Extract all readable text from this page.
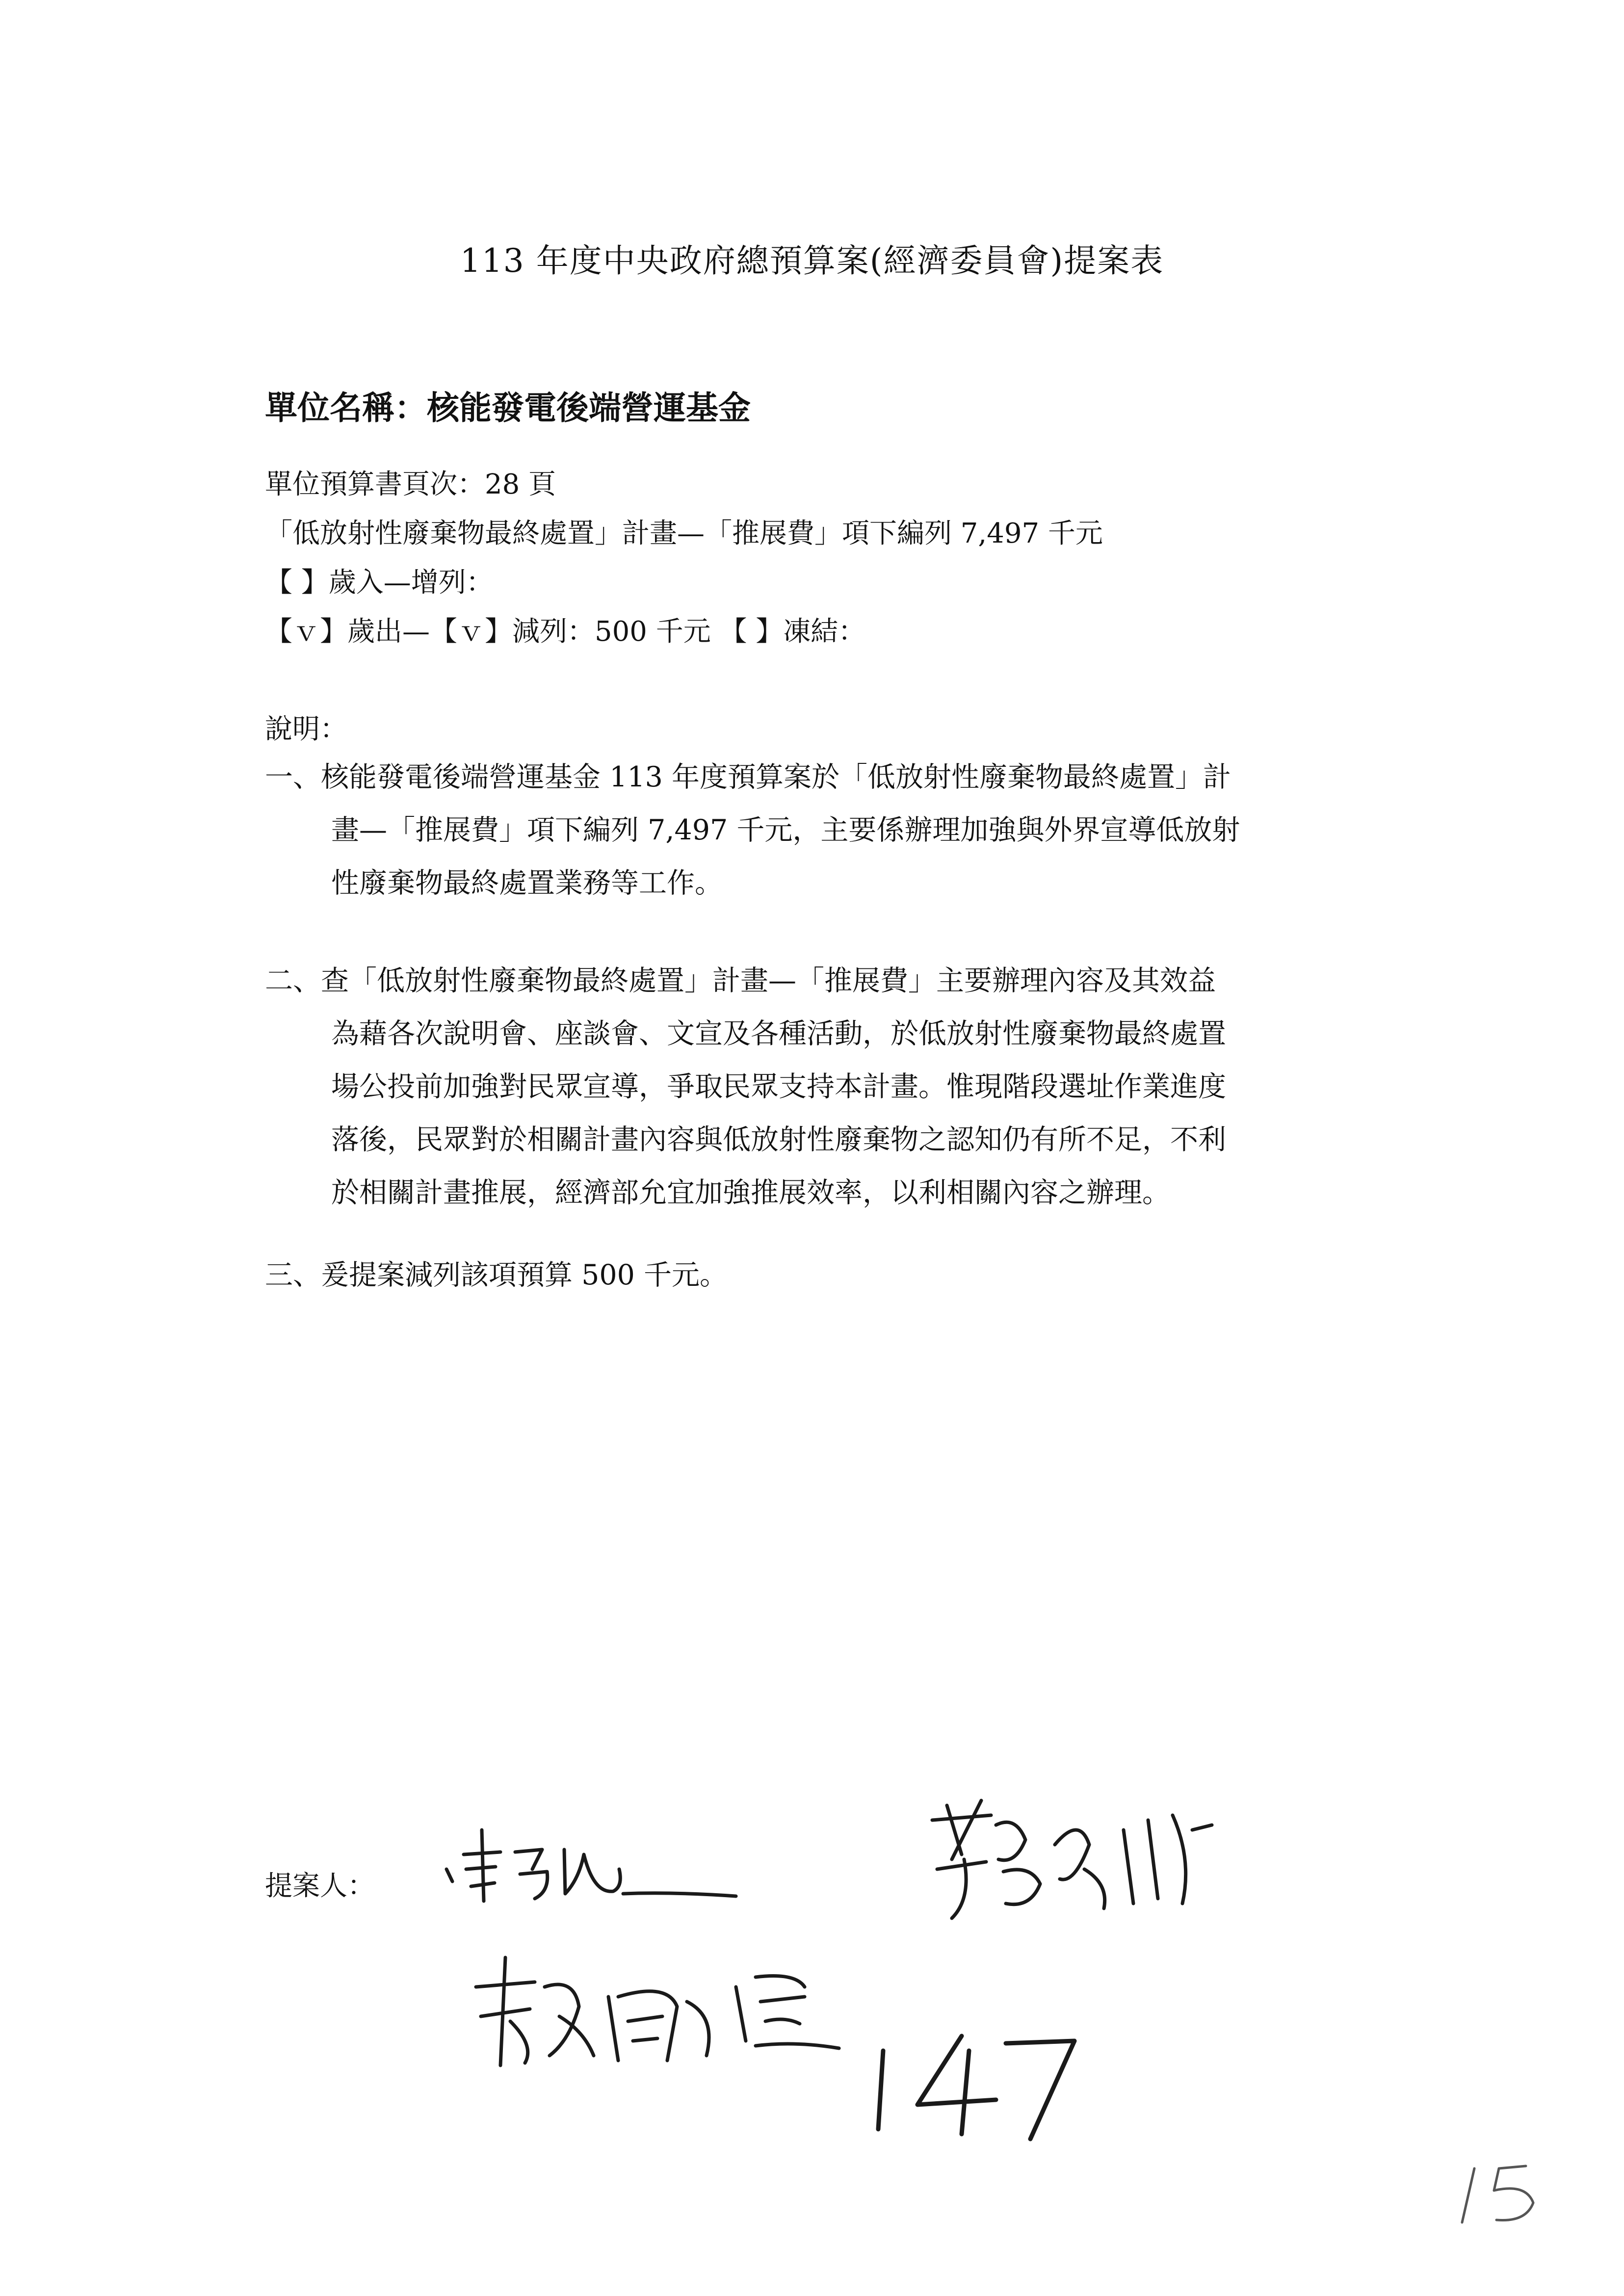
113 年度中央政府總預算案(經濟委員會)提案表
單位名稱：核能發電後端營運基金
單位預算書頁次：28 頁
「低放射性廢棄物最終處置」計畫—「推展費」項下編列 7,497 千元
【 】歲入—增列：
【ｖ】歲出—【ｖ】減列：500 千元 【 】凍結：
說明：
一、核能發電後端營運基金 113 年度預算案於「低放射性廢棄物最終處置」計
畫—「推展費」項下編列 7,497 千元，主要係辦理加強與外界宣導低放射
性廢棄物最終處置業務等工作。
二、查「低放射性廢棄物最終處置」計畫—「推展費」主要辦理內容及其效益
為藉各次說明會、座談會、文宣及各種活動，於低放射性廢棄物最終處置
場公投前加強對民眾宣導，爭取民眾支持本計畫。惟現階段選址作業進度
落後，民眾對於相關計畫內容與低放射性廢棄物之認知仍有所不足，不利
於相關計畫推展，經濟部允宜加強推展效率，以利相關內容之辦理。
三、爰提案減列該項預算 500 千元。
提案人：
